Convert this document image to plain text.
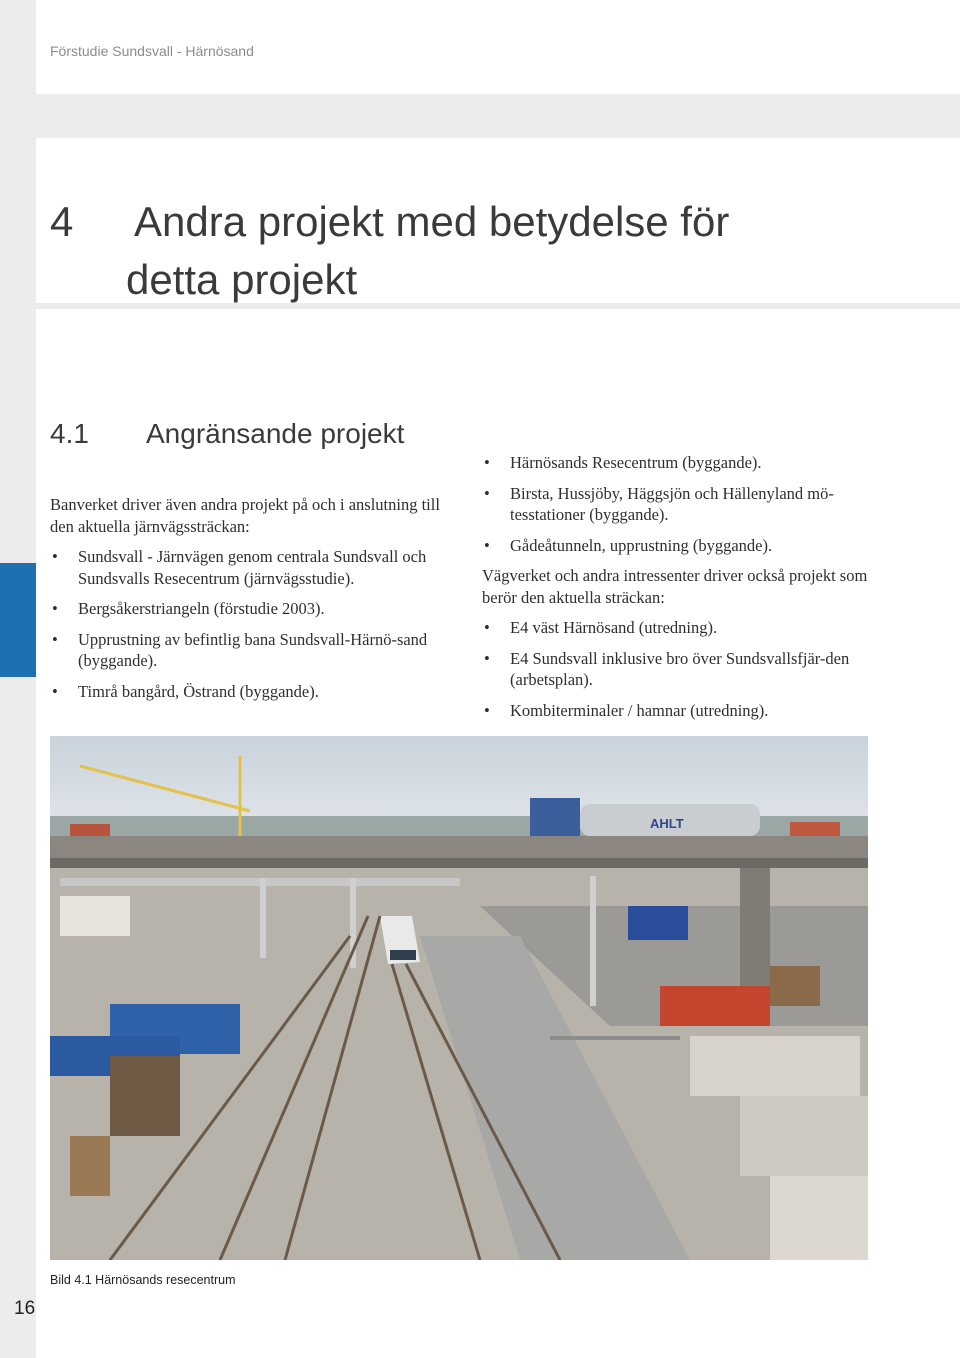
Förstudie Sundsvall - Härnösand
4 Andra projekt med betydelse för
detta projekt
4.1 Angränsande projekt

Banverket driver även andra projekt på och i anslutning till den aktuella järnvägssträckan:

• Sundsvall - Järnvägen genom centrala Sundsvall och Sundsvalls Resecentrum (järnvägsstudie).
• Bergsåkerstriangeln (förstudie 2003).
• Upprustning av befintlig bana Sundsvall-Härnö-sand (byggande).
• Timrå bangård, Östrand (byggande).
• Härnösands Resecentrum (byggande).
• Birsta, Hussjöby, Häggsjön och Hällenyland mö-tesstationer (byggande).
• Gådeåtunneln, upprustning (byggande).

Vägverket och andra intressenter driver också projekt som berör den aktuella sträckan:

• E4 väst Härnösand (utredning).
• E4 Sundsvall inklusive bro över Sundsvallsfjär-den (arbetsplan).
• Kombiterminaler / hamnar (utredning).
AHLT
Bild 4.1 Härnösands resecentrum
16
